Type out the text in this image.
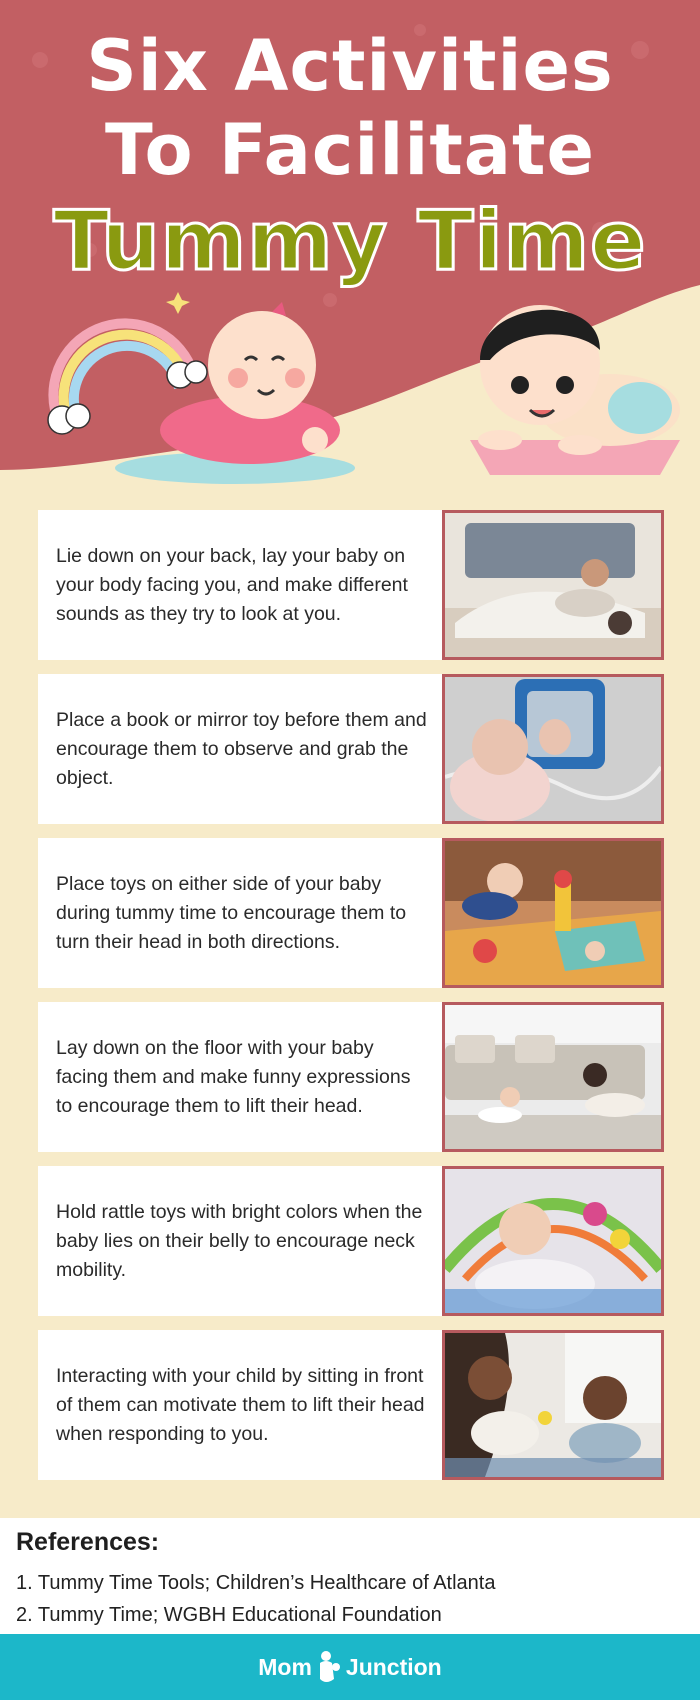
Six Activities
To Facilitate
Tummy Time
Lie down on your back, lay your baby on your body facing you, and make different sounds as they try to look at you.
Place a book or mirror toy before them and encourage them to observe and grab the object.
Place toys on either side of your baby during tummy time to encourage them to turn their head in both directions.
Lay down on the floor with your baby facing them and make funny expressions to encourage them to lift their head.
Hold rattle toys with bright colors when the baby lies on their belly to encourage neck mobility.
Interacting with your child by sitting in front of them can motivate them to lift their head when responding to you.
References:
1. Tummy Time Tools; Children’s Healthcare of Atlanta
2. Tummy Time; WGBH Educational Foundation
Mom Junction
